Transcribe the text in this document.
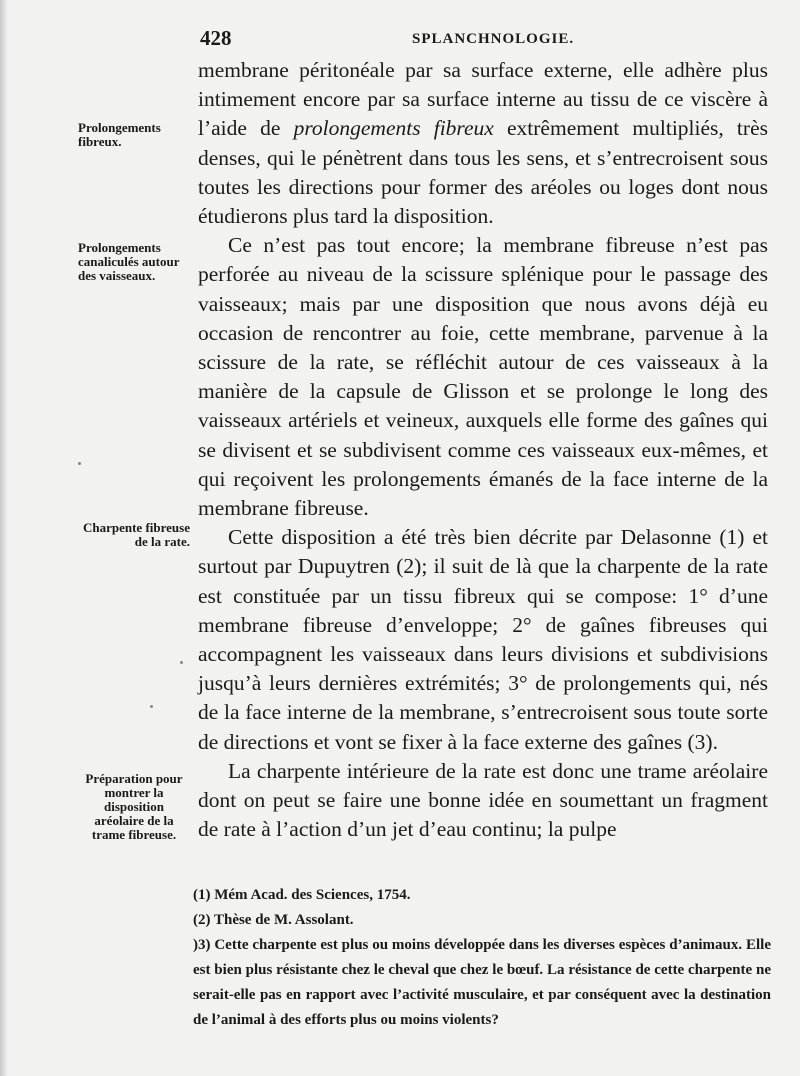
428	SPLANCHNOLOGIE.
Prolongements fibreux.
Prolongements canaliculés autour des vaisseaux.
Charpente fibreuse de la rate.
Préparation pour montrer la disposition aréolaire de la trame fibreuse.

membrane péritonéale par sa surface externe, elle adhère plus intimement encore par sa surface interne au tissu de ce viscère à l’aide de prolongements fibreux extrêmement multipliés, très denses, qui le pénètrent dans tous les sens, et s’entrecroisent sous toutes les directions pour former des aréoles ou loges dont nous étudierons plus tard la disposition.

Ce n’est pas tout encore; la membrane fibreuse n’est pas perforée au niveau de la scissure splénique pour le passage des vaisseaux; mais par une disposition que nous avons déjà eu occasion de rencontrer au foie, cette membrane, parvenue à la scissure de la rate, se réfléchit autour de ces vaisseaux à la manière de la capsule de Glisson et se prolonge le long des vaisseaux artériels et veineux, auxquels elle forme des gaînes qui se divisent et se subdivisent comme ces vaisseaux eux-mêmes, et qui reçoivent les prolongements émanés de la face interne de la membrane fibreuse.

Cette disposition a été très bien décrite par Delasonne (1) et surtout par Dupuytren (2); il suit de là que la charpente de la rate est constituée par un tissu fibreux qui se compose: 1° d’une membrane fibreuse d’enveloppe; 2° de gaînes fibreuses qui accompagnent les vaisseaux dans leurs divisions et subdivisions jusqu’à leurs dernières extrémités; 3° de prolongements qui, nés de la face interne de la membrane, s’entrecroisent sous toute sorte de directions et vont se fixer à la face externe des gaînes (3).

La charpente intérieure de la rate est donc une trame aréolaire dont on peut se faire une bonne idée en soumettant un fragment de rate à l’action d’un jet d’eau continu; la pulpe

(1) Mém Acad. des Sciences, 1754.

(2) Thèse de M. Assolant.

)3) Cette charpente est plus ou moins développée dans les diverses espèces d’animaux. Elle est bien plus résistante chez le cheval que chez le bœuf. La résistance de cette charpente ne serait-elle pas en rapport avec l’activité musculaire, et par conséquent avec la destination de l’animal à des efforts plus ou moins violents?
